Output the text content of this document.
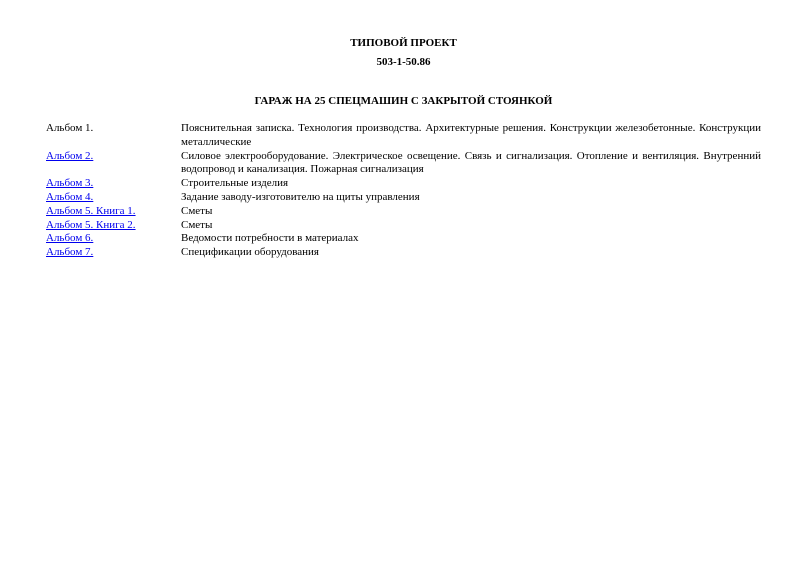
ТИПОВОЙ ПРОЕКТ
503-1-50.86
ГАРАЖ НА 25 СПЕЦМАШИН С ЗАКРЫТОЙ СТОЯНКОЙ
Альбом 1.	Пояснительная записка. Технология производства. Архитектурные решения. Конструкции железобетонные. Конструкции металлические
Альбом 2.	Силовое электрооборудование. Электрическое освещение. Связь и сигнализация. Отопление и вентиляция. Внутренний водопровод и канализация. Пожарная сигнализация
Альбом 3.	Строительные изделия
Альбом 4.	Задание заводу-изготовителю на щиты управления
Альбом 5. Книга 1.	Сметы
Альбом 5. Книга 2.	Сметы
Альбом 6.	Ведомости потребности в материалах
Альбом 7.	Спецификации оборудования
